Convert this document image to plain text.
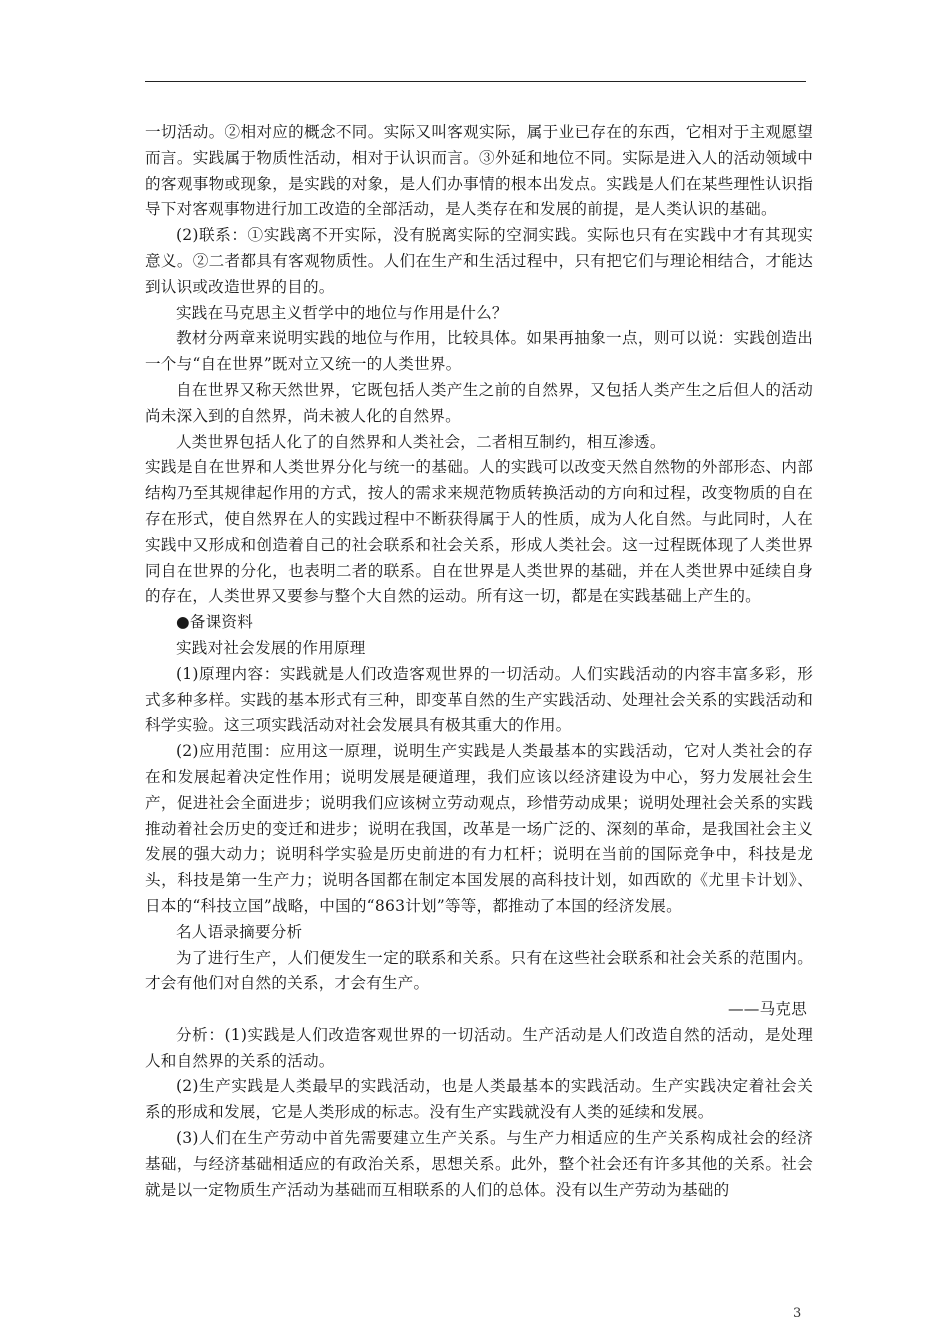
一切活动。②相对应的概念不同。实际又叫客观实际，属于业已存在的东西，它相对于主观愿望而言。实践属于物质性活动，相对于认识而言。③外延和地位不同。实际是进入人的活动领域中的客观事物或现象，是实践的对象，是人们办事情的根本出发点。实践是人们在某些理性认识指导下对客观事物进行加工改造的全部活动，是人类存在和发展的前提，是人类认识的基础。

(2)联系：①实践离不开实际，没有脱离实际的空洞实践。实际也只有在实践中才有其现实意义。②二者都具有客观物质性。人们在生产和生活过程中，只有把它们与理论相结合，才能达到认识或改造世界的目的。

实践在马克思主义哲学中的地位与作用是什么？

教材分两章来说明实践的地位与作用，比较具体。如果再抽象一点，则可以说：实践创造出一个与“自在世界”既对立又统一的人类世界。

自在世界又称天然世界，它既包括人类产生之前的自然界，又包括人类产生之后但人的活动尚未深入到的自然界，尚未被人化的自然界。

人类世界包括人化了的自然界和人类社会，二者相互制约，相互渗透。

实践是自在世界和人类世界分化与统一的基础。人的实践可以改变天然自然物的外部形态、内部结构乃至其规律起作用的方式，按人的需求来规范物质转换活动的方向和过程，改变物质的自在存在形式，使自然界在人的实践过程中不断获得属于人的性质，成为人化自然。与此同时，人在实践中又形成和创造着自己的社会联系和社会关系，形成人类社会。这一过程既体现了人类世界同自在世界的分化，也表明二者的联系。自在世界是人类世界的基础，并在人类世界中延续自身的存在，人类世界又要参与整个大自然的运动。所有这一切，都是在实践基础上产生的。

●备课资料

实践对社会发展的作用原理

(1)原理内容：实践就是人们改造客观世界的一切活动。人们实践活动的内容丰富多彩，形式多种多样。实践的基本形式有三种，即变革自然的生产实践活动、处理社会关系的实践活动和科学实验。这三项实践活动对社会发展具有极其重大的作用。

(2)应用范围：应用这一原理，说明生产实践是人类最基本的实践活动，它对人类社会的存在和发展起着决定性作用；说明发展是硬道理，我们应该以经济建设为中心，努力发展社会生产，促进社会全面进步；说明我们应该树立劳动观点，珍惜劳动成果；说明处理社会关系的实践推动着社会历史的变迁和进步；说明在我国，改革是一场广泛的、深刻的革命，是我国社会主义发展的强大动力；说明科学实验是历史前进的有力杠杆；说明在当前的国际竞争中，科技是龙头，科技是第一生产力；说明各国都在制定本国发展的高科技计划，如西欧的《尤里卡计划》、日本的“科技立国”战略，中国的“863计划”等等，都推动了本国的经济发展。

名人语录摘要分析

为了进行生产，人们便发生一定的联系和关系。只有在这些社会联系和社会关系的范围内。才会有他们对自然的关系，才会有生产。

——马克思

分析：(1)实践是人们改造客观世界的一切活动。生产活动是人们改造自然的活动，是处理人和自然界的关系的活动。

(2)生产实践是人类最早的实践活动，也是人类最基本的实践活动。生产实践决定着社会关系的形成和发展，它是人类形成的标志。没有生产实践就没有人类的延续和发展。

(3)人们在生产劳动中首先需要建立生产关系。与生产力相适应的生产关系构成社会的经济基础，与经济基础相适应的有政治关系，思想关系。此外，整个社会还有许多其他的关系。社会就是以一定物质生产活动为基础而互相联系的人们的总体。没有以生产劳动为基础的

3
